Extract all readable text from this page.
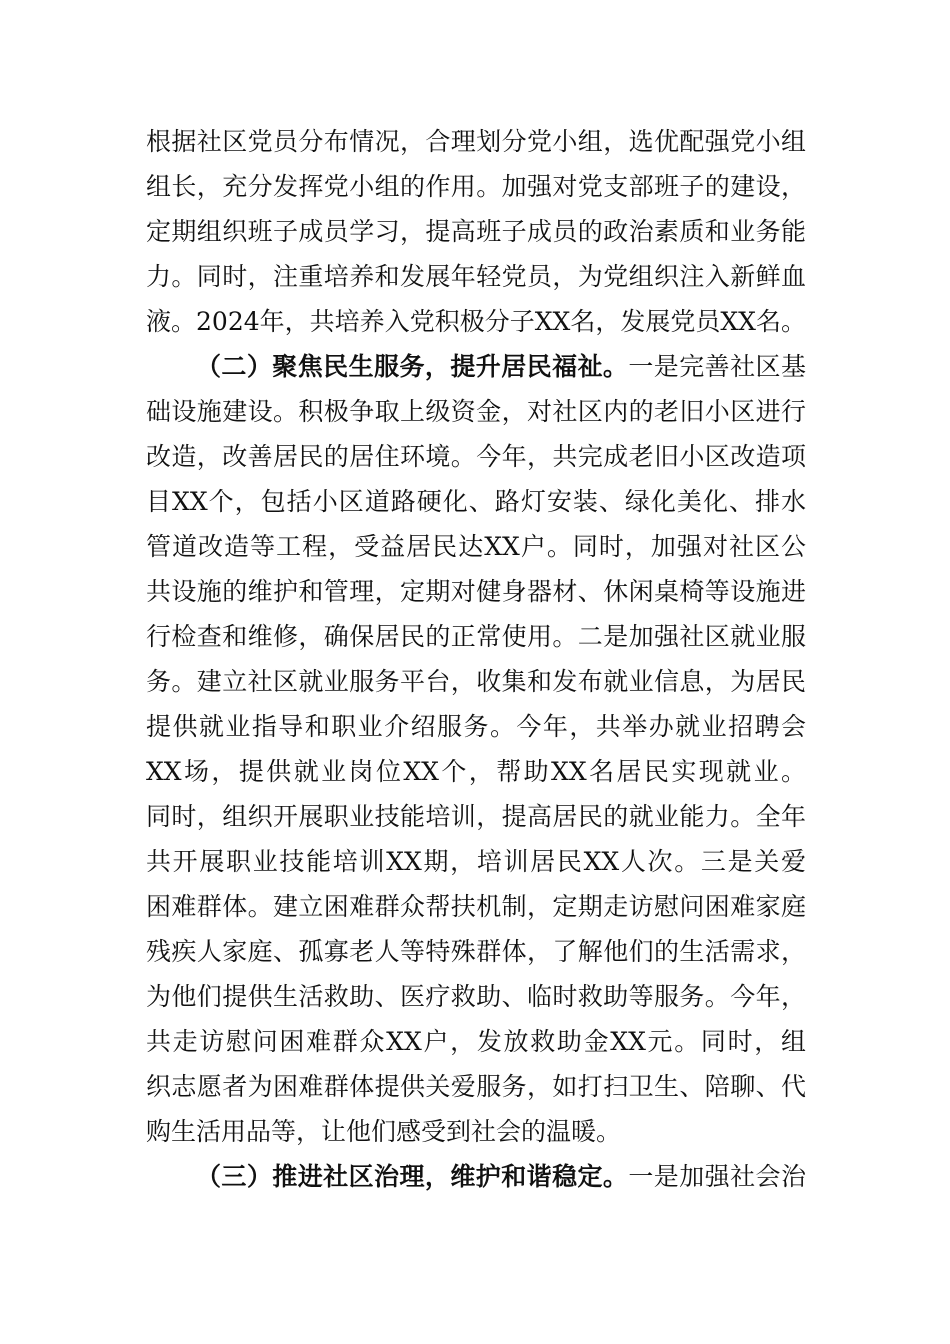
根据社区党员分布情况，合理划分党小组，选优配强党小组
组长，充分发挥党小组的作用。加强对党支部班子的建设，
定期组织班子成员学习，提高班子成员的政治素质和业务能
力。同时，注重培养和发展年轻党员，为党组织注入新鲜血
液。2024年，共培养入党积极分子XX名，发展党员XX名。
（二）聚焦民生服务，提升居民福祉。一是完善社区基
础设施建设。积极争取上级资金，对社区内的老旧小区进行
改造，改善居民的居住环境。今年，共完成老旧小区改造项
目XX个，包括小区道路硬化、路灯安装、绿化美化、排水
管道改造等工程，受益居民达XX户。同时，加强对社区公
共设施的维护和管理，定期对健身器材、休闲桌椅等设施进
行检查和维修，确保居民的正常使用。二是加强社区就业服
务。建立社区就业服务平台，收集和发布就业信息，为居民
提供就业指导和职业介绍服务。今年，共举办就业招聘会
XX场，提供就业岗位XX个，帮助XX名居民实现就业。
同时，组织开展职业技能培训，提高居民的就业能力。全年
共开展职业技能培训XX期，培训居民XX人次。三是关爱
困难群体。建立困难群众帮扶机制，定期走访慰问困难家庭
残疾人家庭、孤寡老人等特殊群体，了解他们的生活需求，
为他们提供生活救助、医疗救助、临时救助等服务。今年，
共走访慰问困难群众XX户，发放救助金XX元。同时，组
织志愿者为困难群体提供关爱服务，如打扫卫生、陪聊、代
购生活用品等，让他们感受到社会的温暖。
（三）推进社区治理，维护和谐稳定。一是加强社会治
